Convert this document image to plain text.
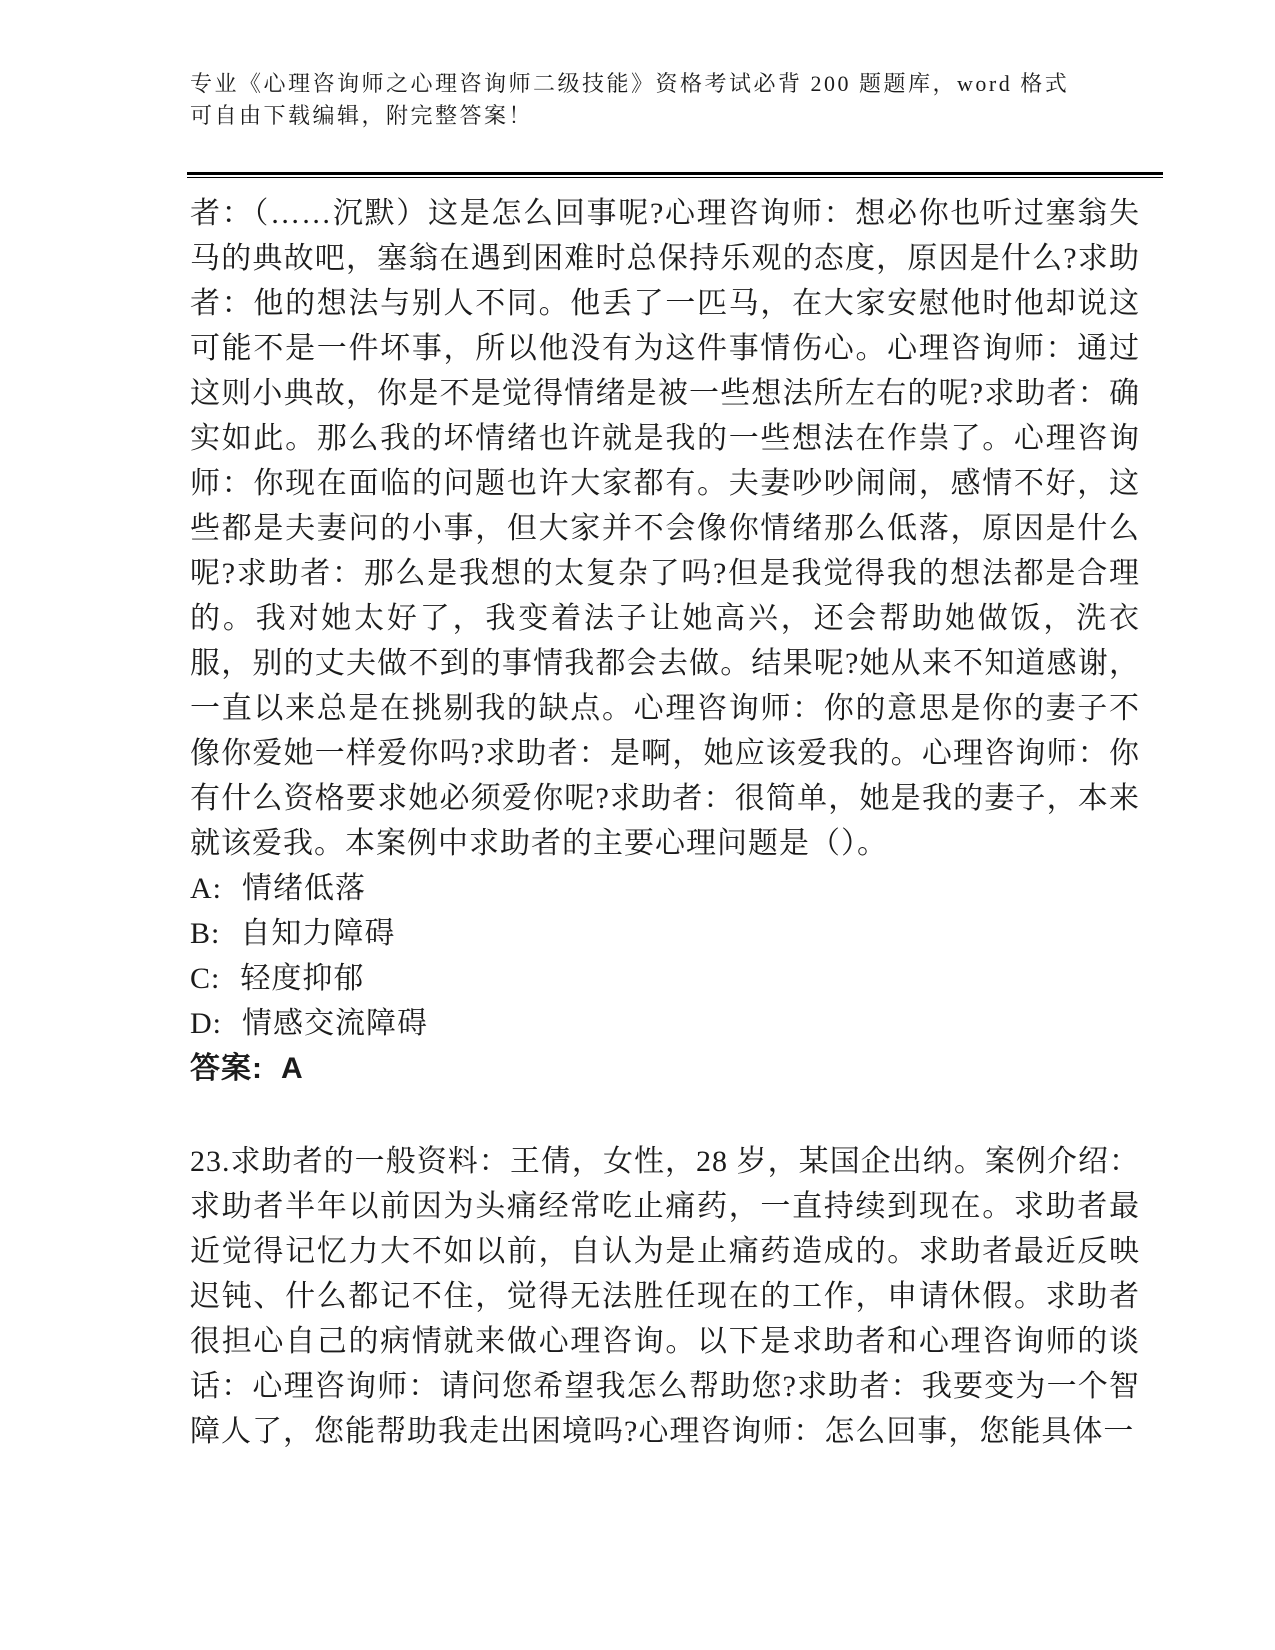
专业《心理咨询师之心理咨询师二级技能》资格考试必背 200 题题库，word 格式
可自由下载编辑，附完整答案！

者：（……沉默）这是怎么回事呢?心理咨询师：想必你也听过塞翁失马的典故吧，塞翁在遇到困难时总保持乐观的态度，原因是什么?求助者：他的想法与别人不同。他丢了一匹马，在大家安慰他时他却说这可能不是一件坏事，所以他没有为这件事情伤心。心理咨询师：通过这则小典故，你是不是觉得情绪是被一些想法所左右的呢?求助者：确实如此。那么我的坏情绪也许就是我的一些想法在作祟了。心理咨询师：你现在面临的问题也许大家都有。夫妻吵吵闹闹，感情不好，这些都是夫妻问的小事，但大家并不会像你情绪那么低落，原因是什么呢?求助者：那么是我想的太复杂了吗?但是我觉得我的想法都是合理的。我对她太好了，我变着法子让她高兴，还会帮助她做饭，洗衣服，别的丈夫做不到的事情我都会去做。结果呢?她从来不知道感谢，一直以来总是在挑剔我的缺点。心理咨询师：你的意思是你的妻子不像你爱她一样爱你吗?求助者：是啊，她应该爱我的。心理咨询师：你有什么资格要求她必须爱你呢?求助者：很简单，她是我的妻子，本来就该爱我。本案例中求助者的主要心理问题是（）。

A: 情绪低落
B: 自知力障碍
C: 轻度抑郁
D: 情感交流障碍
答案: A

23.求助者的一般资料：王倩，女性，28 岁，某国企出纳。案例介绍：求助者半年以前因为头痛经常吃止痛药，一直持续到现在。求助者最近觉得记忆力大不如以前，自认为是止痛药造成的。求助者最近反映迟钝、什么都记不住，觉得无法胜任现在的工作，申请休假。求助者很担心自己的病情就来做心理咨询。以下是求助者和心理咨询师的谈话：心理咨询师：请问您希望我怎么帮助您?求助者：我要变为一个智障人了，您能帮助我走出困境吗?心理咨询师：怎么回事，您能具体一
